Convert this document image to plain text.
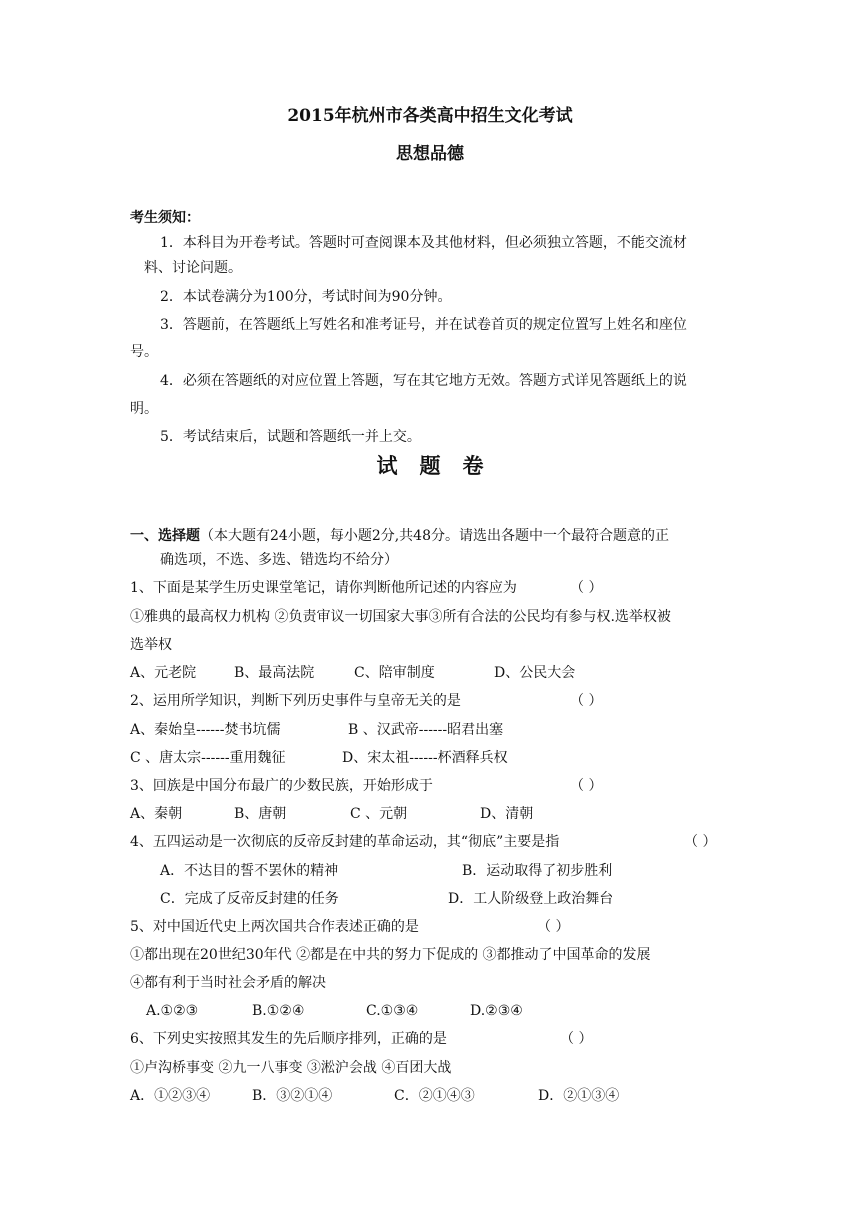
2015年杭州市各类高中招生文化考试
思想品德
考生须知：
1．本科目为开卷考试。答题时可查阅课本及其他材料，但必须独立答题，不能交流材
料、讨论问题。
2．本试卷满分为100分，考试时间为90分钟。
3．答题前，在答题纸上写姓名和准考证号，并在试卷首页的规定位置写上姓名和座位
号。
4．必须在答题纸的对应位置上答题，写在其它地方无效。答题方式详见答题纸上的说
明。
5．考试结束后，试题和答题纸一并上交。
试题卷
一、选择题（本大题有24小题，每小题2分,共48分。请选出各题中一个最符合题意的正
确选项，不选、多选、错选均不给分）
1、下面是某学生历史课堂笔记，请你判断他所记述的内容应为	（ ）
①雅典的最高权力机构 ②负责审议一切国家大事③所有合法的公民均有参与权.选举权被
选举权
A、元老院	B、最高法院	C、陪审制度	D、公民大会
2、运用所学知识，判断下列历史事件与皇帝无关的是	（ ）
A、秦始皇------焚书坑儒	B 、汉武帝------昭君出塞
C 、唐太宗------重用魏征	D、宋太祖------杯酒释兵权
3、回族是中国分布最广的少数民族，开始形成于	（ ）
A、秦朝	B、唐朝	C 、元朝	D、清朝
4、五四运动是一次彻底的反帝反封建的革命运动，其“彻底”主要是指	（ ）
A．不达目的誓不罢休的精神	B．运动取得了初步胜利
C．完成了反帝反封建的任务	D．工人阶级登上政治舞台
5、对中国近代史上两次国共合作表述正确的是	（ ）
①都出现在20世纪30年代 ②都是在中共的努力下促成的 ③都推动了中国革命的发展
④都有利于当时社会矛盾的解决
A.①②③	B.①②④	C.①③④	D.②③④
6、下列史实按照其发生的先后顺序排列，正确的是	（ ）
①卢沟桥事变 ②九一八事变 ③淞沪会战 ④百团大战
A．①②③④	B．③②①④	C．②①④③	D．②①③④
